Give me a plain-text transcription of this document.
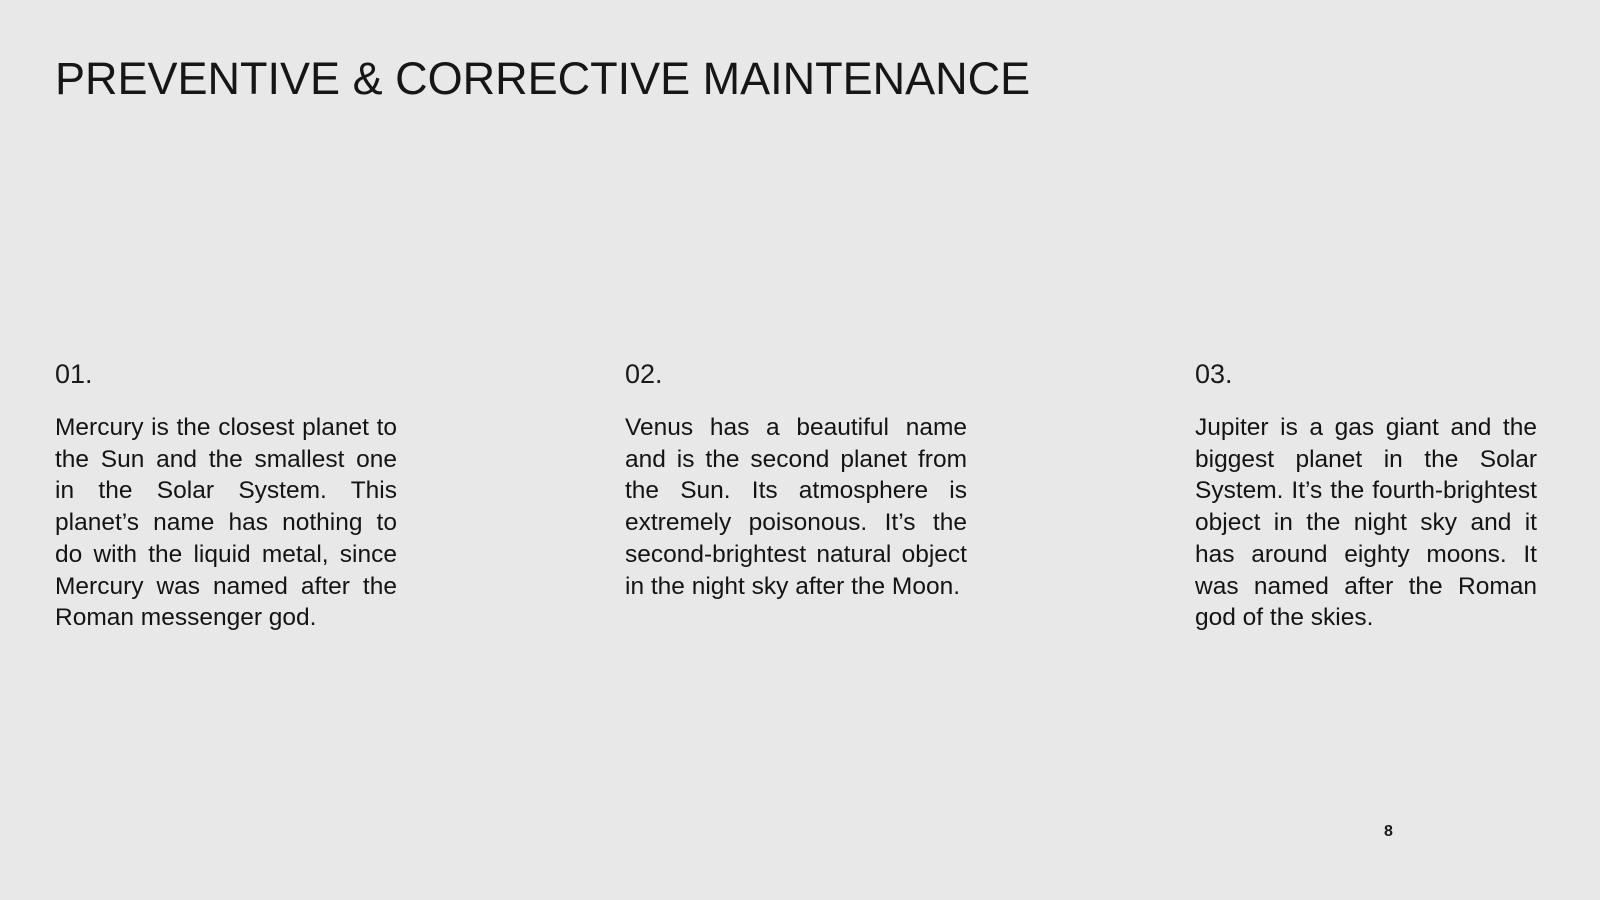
PREVENTIVE & CORRECTIVE MAINTENANCE
01.

Mercury is the closest planet to the Sun and the smallest one in the Solar System. This planet’s name has nothing to do with the liquid metal, since Mercury was named after the Roman messenger god.

02.

Venus has a beautiful name and is the second planet from the Sun. Its atmosphere is extremely poisonous. It’s the second-brightest natural object in the night sky after the Moon.

03.

Jupiter is a gas giant and the biggest planet in the Solar System. It’s the fourth-brightest object in the night sky and it has around eighty moons. It was named after the Roman god of the skies.

8
